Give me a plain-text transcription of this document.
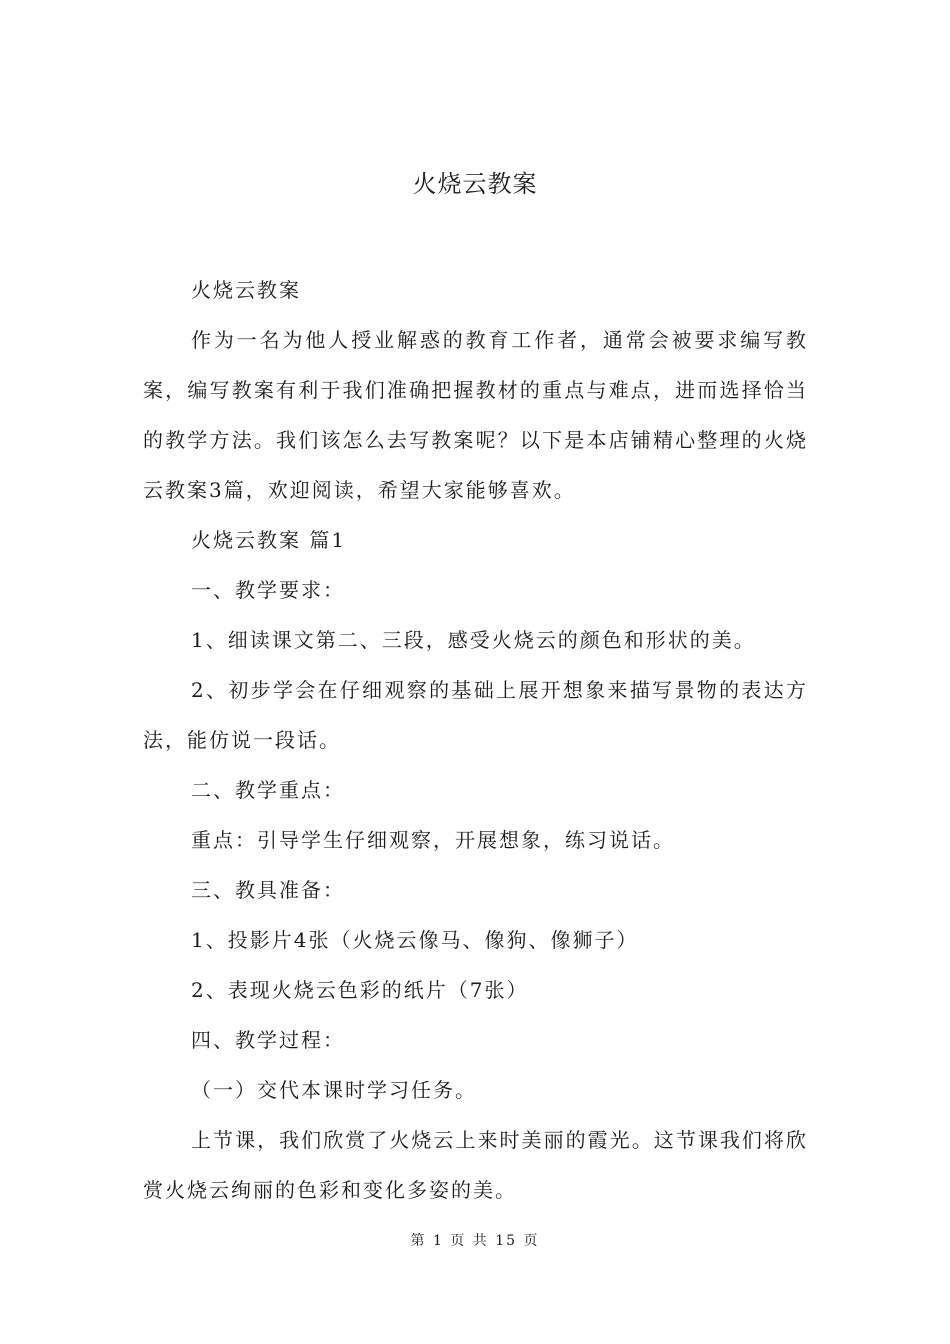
火烧云教案

火烧云教案

作为一名为他人授业解惑的教育工作者，通常会被要求编写教案，编写教案有利于我们准确把握教材的重点与难点，进而选择恰当的教学方法。我们该怎么去写教案呢？以下是本店铺精心整理的火烧云教案3篇，欢迎阅读，希望大家能够喜欢。

火烧云教案 篇1

一、教学要求：

1、细读课文第二、三段，感受火烧云的颜色和形状的美。

2、初步学会在仔细观察的基础上展开想象来描写景物的表达方法，能仿说一段话。

二、教学重点：

重点：引导学生仔细观察，开展想象，练习说话。

三、教具准备：

1、投影片4张（火烧云像马、像狗、像狮子）

2、表现火烧云色彩的纸片（7张）

四、教学过程：

（一）交代本课时学习任务。

上节课，我们欣赏了火烧云上来时美丽的霞光。这节课我们将欣赏火烧云绚丽的色彩和变化多姿的美。

第 1 页 共 15 页
